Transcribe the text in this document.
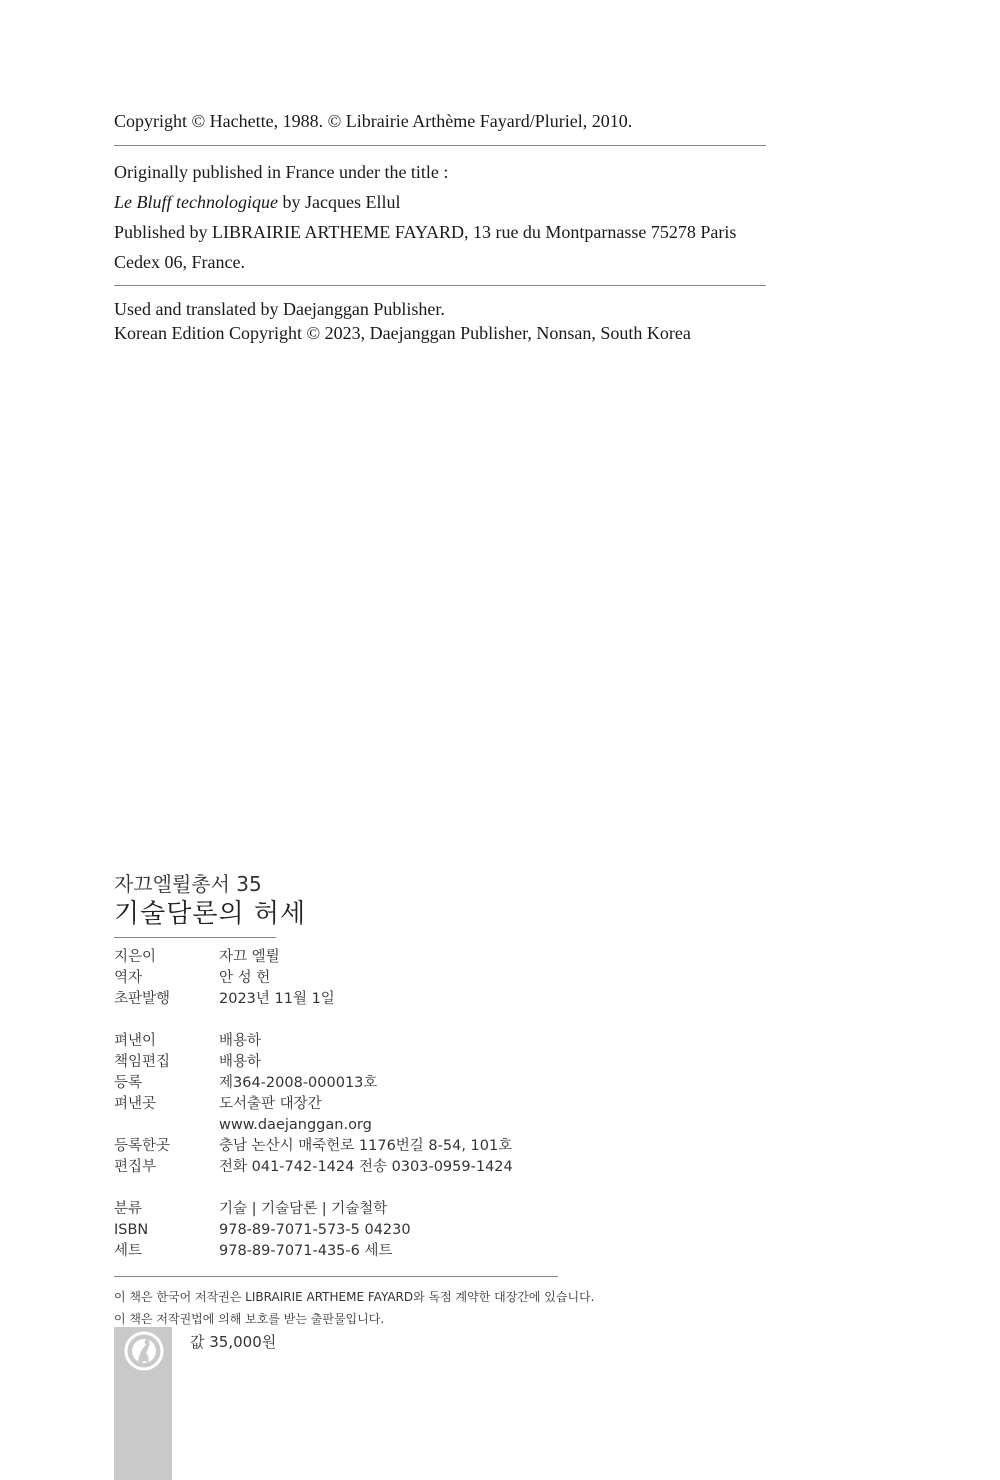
Copyright © Hachette, 1988. © Librairie Arthème Fayard/Pluriel, 2010.
Originally published in France under the title :
Le Bluff technologique by Jacques Ellul
Published by LIBRAIRIE ARTHEME FAYARD, 13 rue du Montparnasse 75278 Paris
Cedex 06, France.
Used and translated by Daejanggan Publisher.
Korean Edition Copyright © 2023, Daejanggan Publisher, Nonsan, South Korea
자끄엘륄총서 35
기술담론의 허세
지은이	자끄 엘륄
역자	안 성 헌
초판발행	2023년 11월 1일
펴낸이	배용하
책임편집	배용하
등록	제364-2008-000013호
펴낸곳	도서출판 대장간
www.daejanggan.org
등록한곳	충남 논산시 매죽헌로 1176번길 8-54, 101호
편집부	전화 041-742-1424 전송 0303-0959-1424
분류	기술 | 기술담론 | 기술철학
ISBN	978-89-7071-573-5 04230
세트	978-89-7071-435-6 세트
이 책은 한국어 저작권은 LIBRAIRIE ARTHEME FAYARD와 독점 계약한 대장간에 있습니다.
이 책은 저작권법에 의해 보호를 받는 출판물입니다.
값 35,000원
